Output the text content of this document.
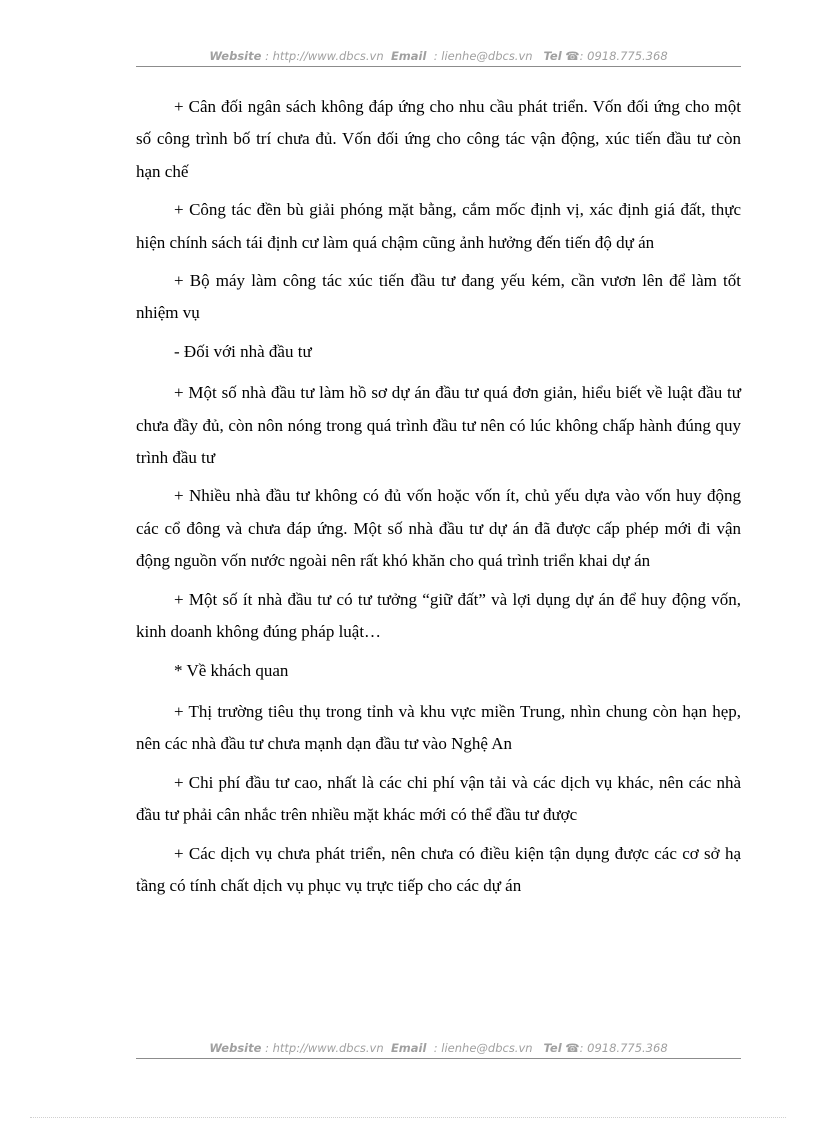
Website : http://www.dbcs.vn Email : lienhe@dbcs.vn Tel ☎: 0918.775.368

+ Cân đối ngân sách không đáp ứng cho nhu cầu phát triển. Vốn đối ứng cho một số công trình bố trí chưa đủ. Vốn đối ứng cho công tác vận động, xúc tiến đầu tư còn hạn chế

+ Công tác đền bù giải phóng mặt bằng, cắm mốc định vị, xác định giá đất, thực hiện chính sách tái định cư làm quá chậm cũng ảnh hưởng đến tiến độ dự án

+ Bộ máy làm công tác xúc tiến đầu tư đang yếu kém, cần vươn lên để làm tốt nhiệm vụ

- Đối với nhà đầu tư

+ Một số nhà đầu tư làm hồ sơ dự án đầu tư quá đơn giản, hiểu biết về luật đầu tư chưa đầy đủ, còn nôn nóng trong quá trình đầu tư nên có lúc không chấp hành đúng quy trình đầu tư

+ Nhiều nhà đầu tư không có đủ vốn hoặc vốn ít, chủ yếu dựa vào vốn huy động các cổ đông và chưa đáp ứng. Một số nhà đầu tư dự án đã được cấp phép mới đi vận động nguồn vốn nước ngoài nên rất khó khăn cho quá trình triển khai dự án

+ Một số ít nhà đầu tư có tư tưởng “giữ đất” và lợi dụng dự án để huy động vốn, kinh doanh không đúng pháp luật…

* Về khách quan

+ Thị trường tiêu thụ trong tỉnh và khu vực miền Trung, nhìn chung còn hạn hẹp, nên các nhà đầu tư chưa mạnh dạn đầu tư vào Nghệ An

+ Chi phí đầu tư cao, nhất là các chi phí vận tải và các dịch vụ khác, nên các nhà đầu tư phải cân nhắc trên nhiều mặt khác mới có thể đầu tư được

+ Các dịch vụ chưa phát triển, nên chưa có điều kiện tận dụng được các cơ sở hạ tầng có tính chất dịch vụ phục vụ trực tiếp cho các dự án

Website : http://www.dbcs.vn Email : lienhe@dbcs.vn Tel ☎: 0918.775.368
